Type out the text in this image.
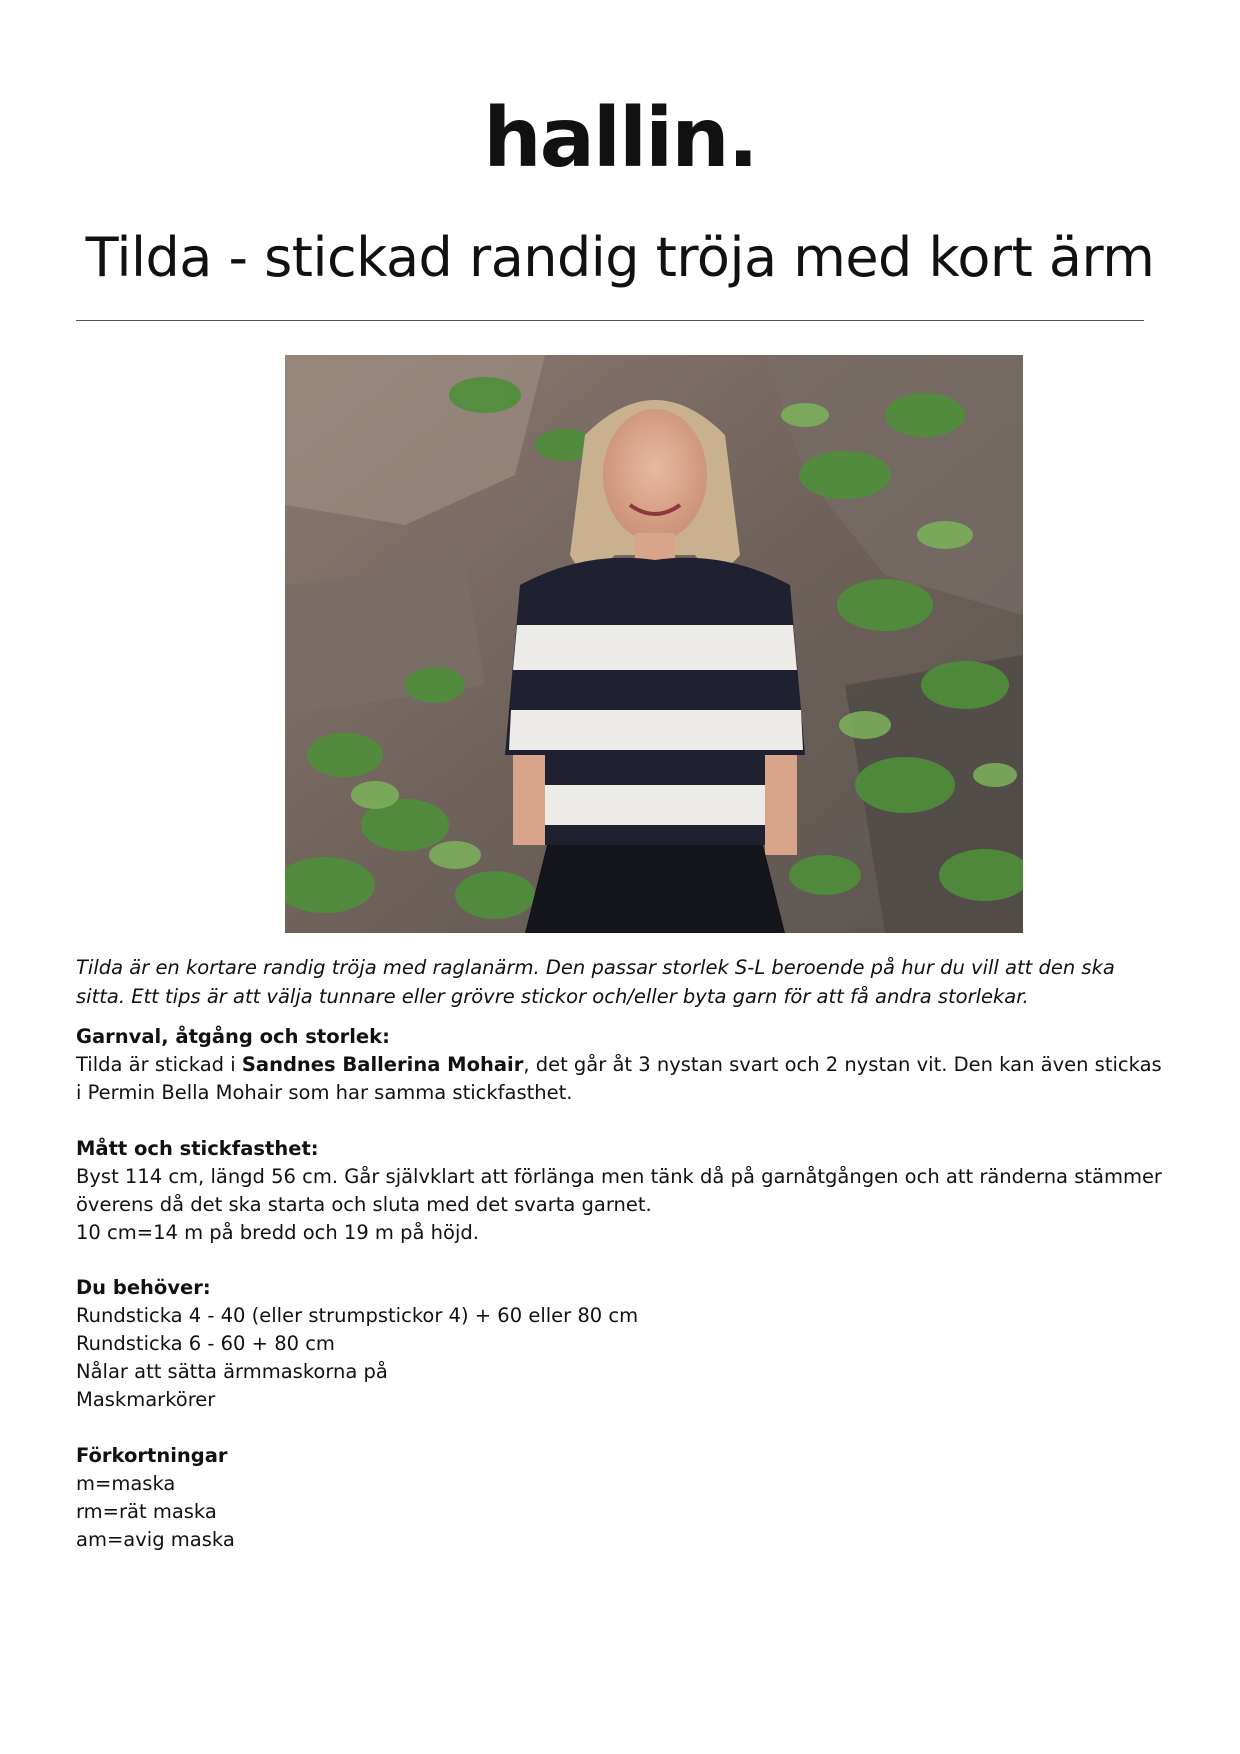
hallin.
Tilda - stickad randig tröja med kort ärm

Tilda är en kortare randig tröja med raglanärm. Den passar storlek S-L beroende på hur du vill att den ska sitta. Ett tips är att välja tunnare eller grövre stickor och/eller byta garn för att få andra storlekar.

Garnval, åtgång och storlek:

Tilda är stickad i Sandnes Ballerina Mohair, det går åt 3 nystan svart och 2 nystan vit. Den kan även stickas i Permin Bella Mohair som har samma stickfasthet.

Mått och stickfasthet:

Byst 114 cm, längd 56 cm. Går självklart att förlänga men tänk då på garnåtgången och att ränderna stämmer överens då det ska starta och sluta med det svarta garnet.

10 cm=14 m på bredd och 19 m på höjd.

Du behöver:
Rundsticka 4 - 40 (eller strumpstickor 4) + 60 eller 80 cm
Rundsticka 6 - 60 + 80 cm
Nålar att sätta ärmmaskorna på
Maskmarkörer
Förkortningar
m=maska
rm=rät maska
am=avig maska
